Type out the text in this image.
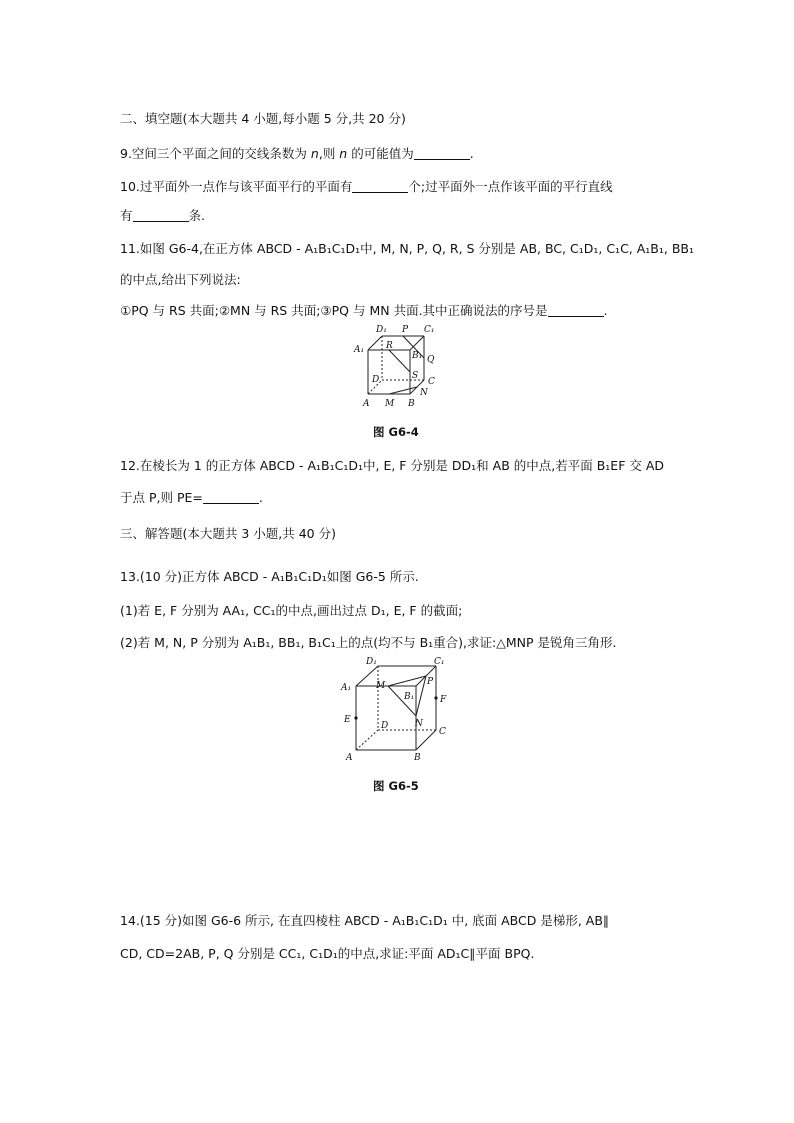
二、填空题(本大题共 4 小题,每小题 5 分,共 20 分)
9.空间三个平面之间的交线条数为 n,则 n 的可能值为	.
10.过平面外一点作与该平面平行的平面有	个;过平面外一点作该平面的平行直线
有	条.
11.如图 G6-4,在正方体 ABCD - A₁B₁C₁D₁中, M, N, P, Q, R, S 分别是 AB, BC, C₁D₁, C₁C, A₁B₁, BB₁
的中点,给出下列说法:
①PQ 与 RS 共面;②MN 与 RS 共面;③PQ 与 MN 共面.其中正确说法的序号是	.
D₁ P C₁
A₁ R
B₁ Q
D	S
C
N
A M B
图 G6-4
12.在棱长为 1 的正方体 ABCD - A₁B₁C₁D₁中, E, F 分别是 DD₁和 AB 的中点,若平面 B₁EF 交 AD
于点 P,则 PE=	.
三、解答题(本大题共 3 小题,共 40 分)
13.(10 分)正方体 ABCD - A₁B₁C₁D₁如图 G6-5 所示.
(1)若 E, F 分别为 AA₁, CC₁的中点,画出过点 D₁, E, F 的截面;
(2)若 M, N, P 分别为 A₁B₁, BB₁, B₁C₁上的点(均不与 B₁重合),求证:△MNP 是锐角三角形.
D₁	C₁
A₁	M
B₁
P
F
E
D	N
C
A	B
图 G6-5
14.(15 分)如图 G6-6 所示, 在直四棱柱 ABCD - A₁B₁C₁D₁ 中, 底面 ABCD 是梯形, AB∥
CD, CD=2AB, P, Q 分别是 CC₁, C₁D₁的中点,求证:平面 AD₁C∥平面 BPQ.
